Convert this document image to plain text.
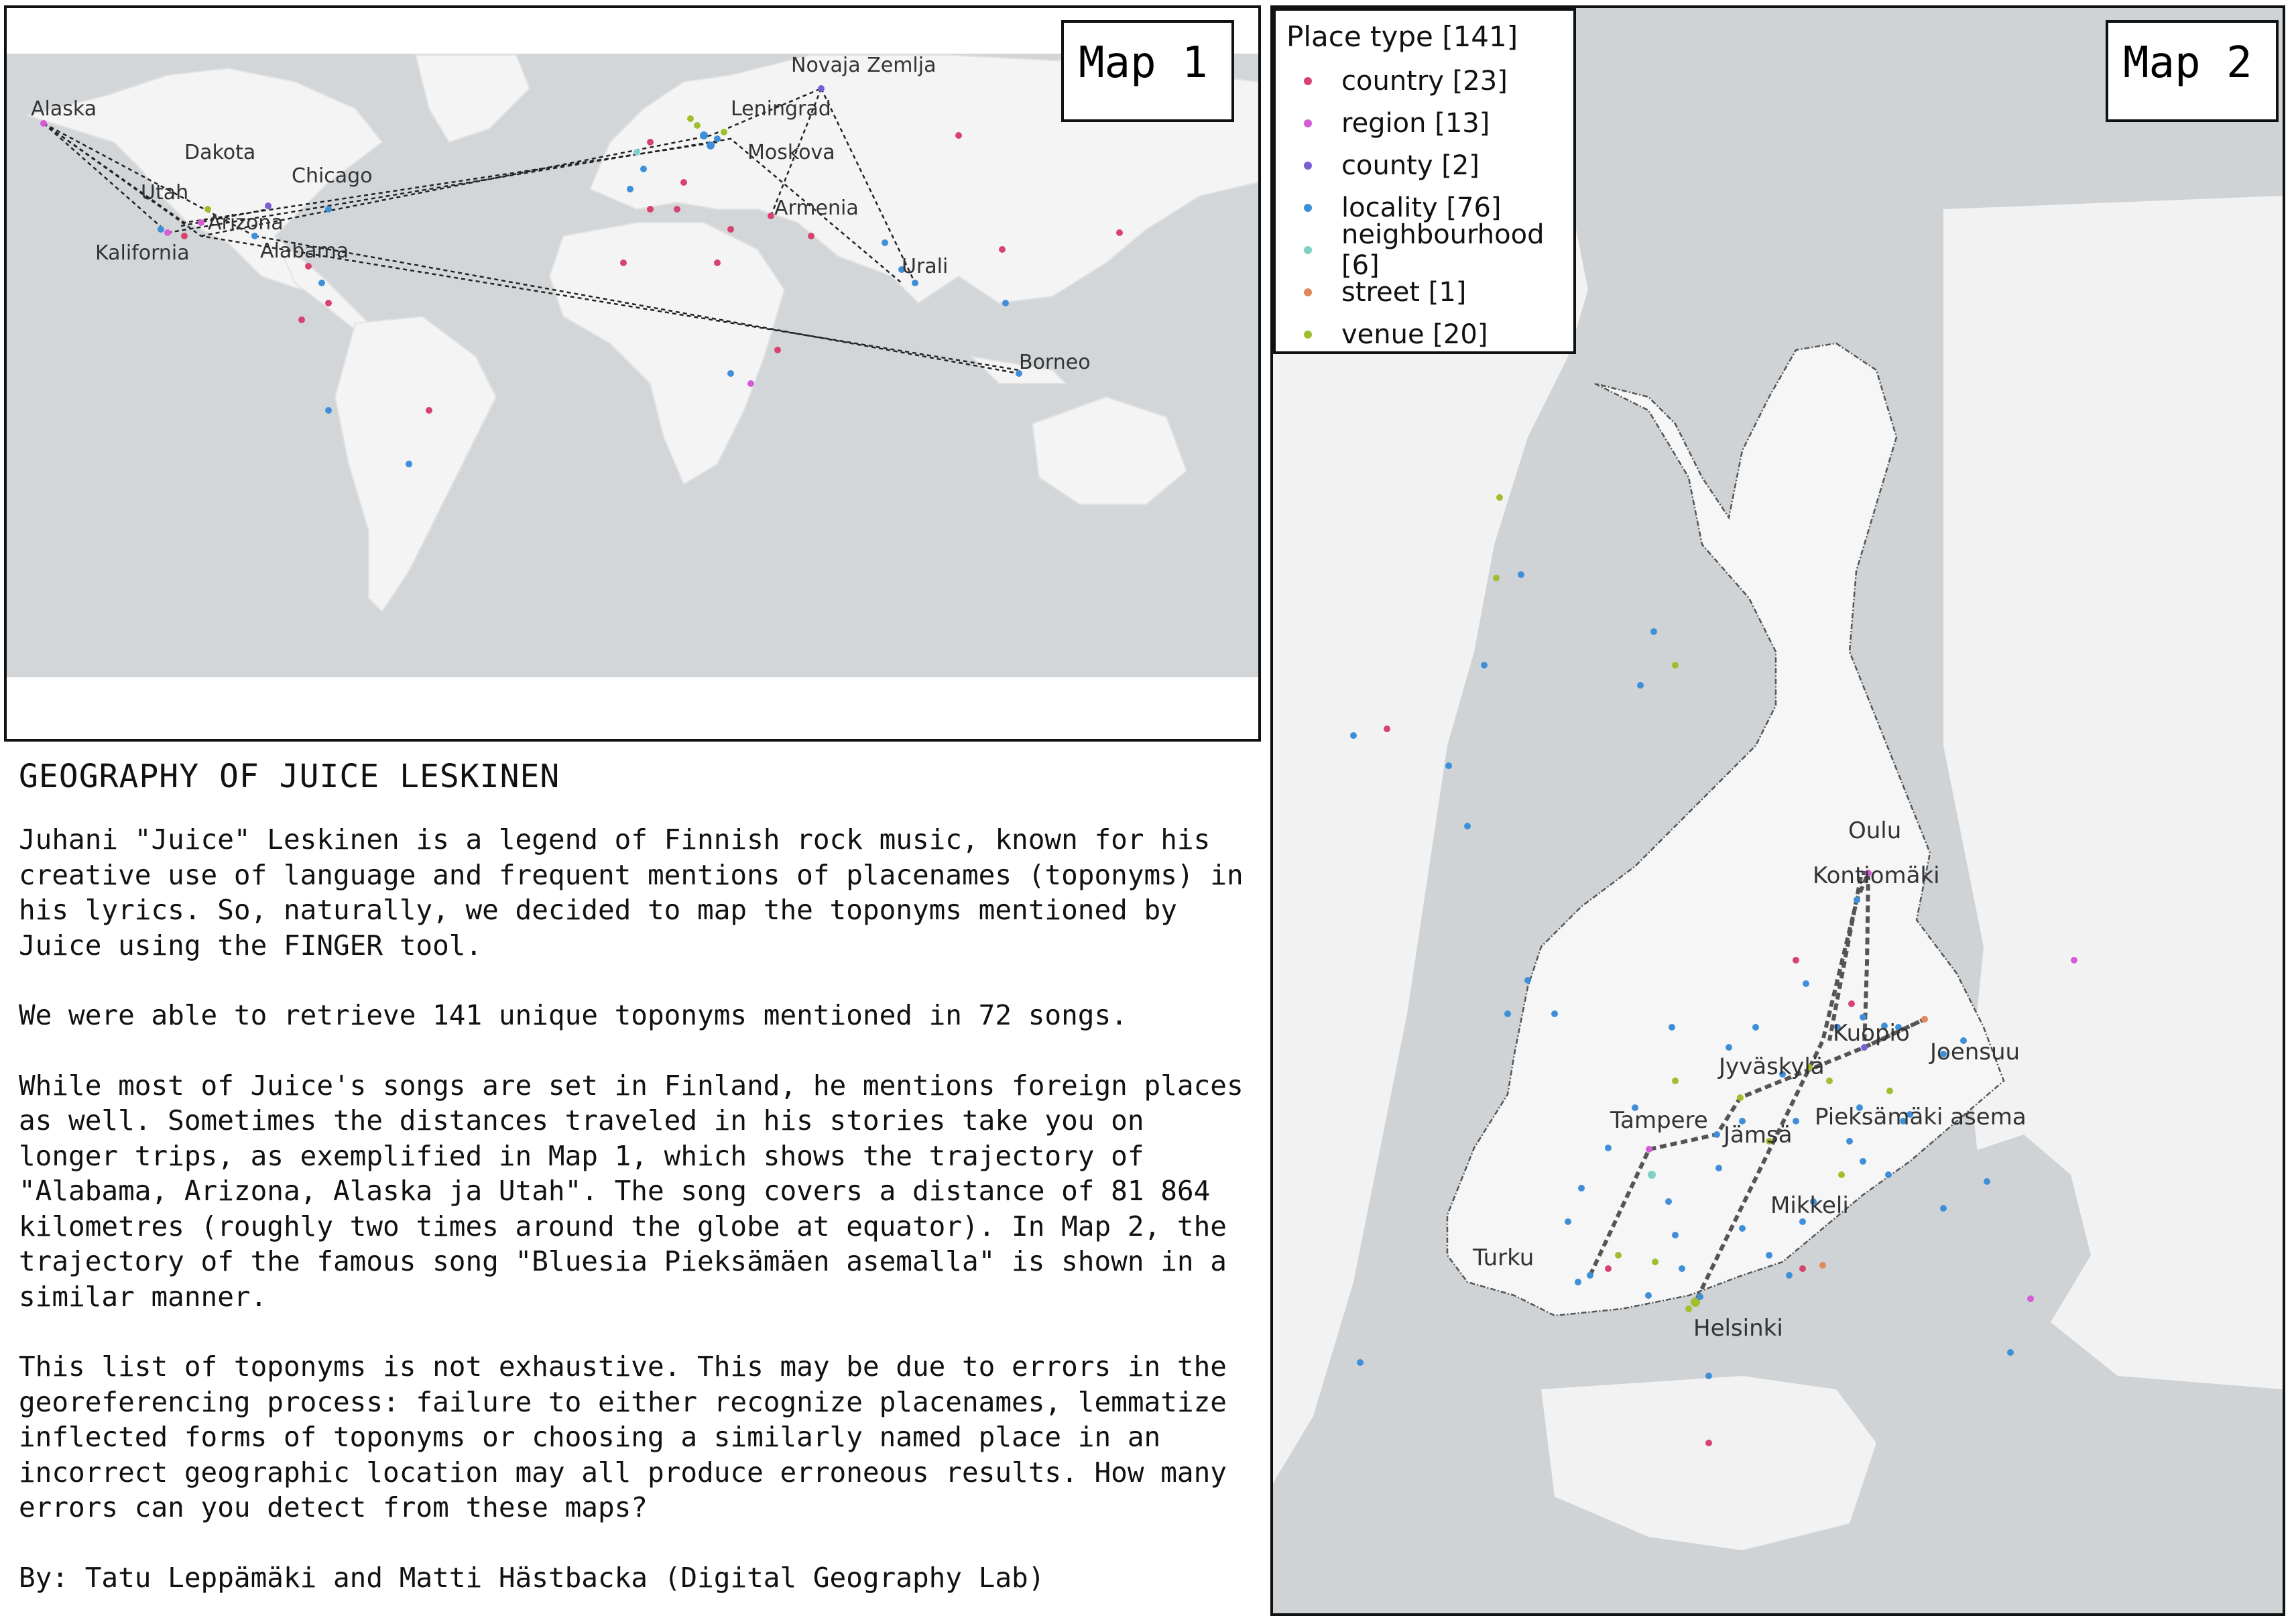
Alaska
Dakota
Utah
Chicago
Arizona
Kalifornia	Alabama
Novaja Zemlja
Leningrad
Moskova
Armenia
Urali
Borneo
Map 1
Oulu
Kontiomäki
Kuopio
Joensuu
Jyväskylä
Tampere
Jämsä
Pieksämäki asema
Mikkeli
Turku
Helsinki
Map 2
Place type [141]
country [23]
region [13]
county [2]
locality [76]
neighbourhood [6]
street [1]
venue [20]
GEOGRAPHY OF JUICE LESKINEN

Juhani "Juice" Leskinen is a legend of Finnish rock music, known for his
creative use of language and frequent mentions of placenames (toponyms) in
his lyrics. So, naturally, we decided to map the toponyms mentioned by
Juice using the FINGER tool.

We were able to retrieve 141 unique toponyms mentioned in 72 songs.

While most of Juice's songs are set in Finland, he mentions foreign places
as well. Sometimes the distances traveled in his stories take you on
longer trips, as exemplified in Map 1, which shows the trajectory of
"Alabama, Arizona, Alaska ja Utah". The song covers a distance of 81 864
kilometres (roughly two times around the globe at equator). In Map 2, the
trajectory of the famous song "Bluesia Pieksämäen asemalla" is shown in a
similar manner.

This list of toponyms is not exhaustive. This may be due to errors in the
georeferencing process: failure to either recognize placenames, lemmatize
inflected forms of toponyms or choosing a similarly named place in an
incorrect geographic location may all produce erroneous results. How many
errors can you detect from these maps?

By: Tatu Leppämäki and Matti Hästbacka (Digital Geography Lab)
